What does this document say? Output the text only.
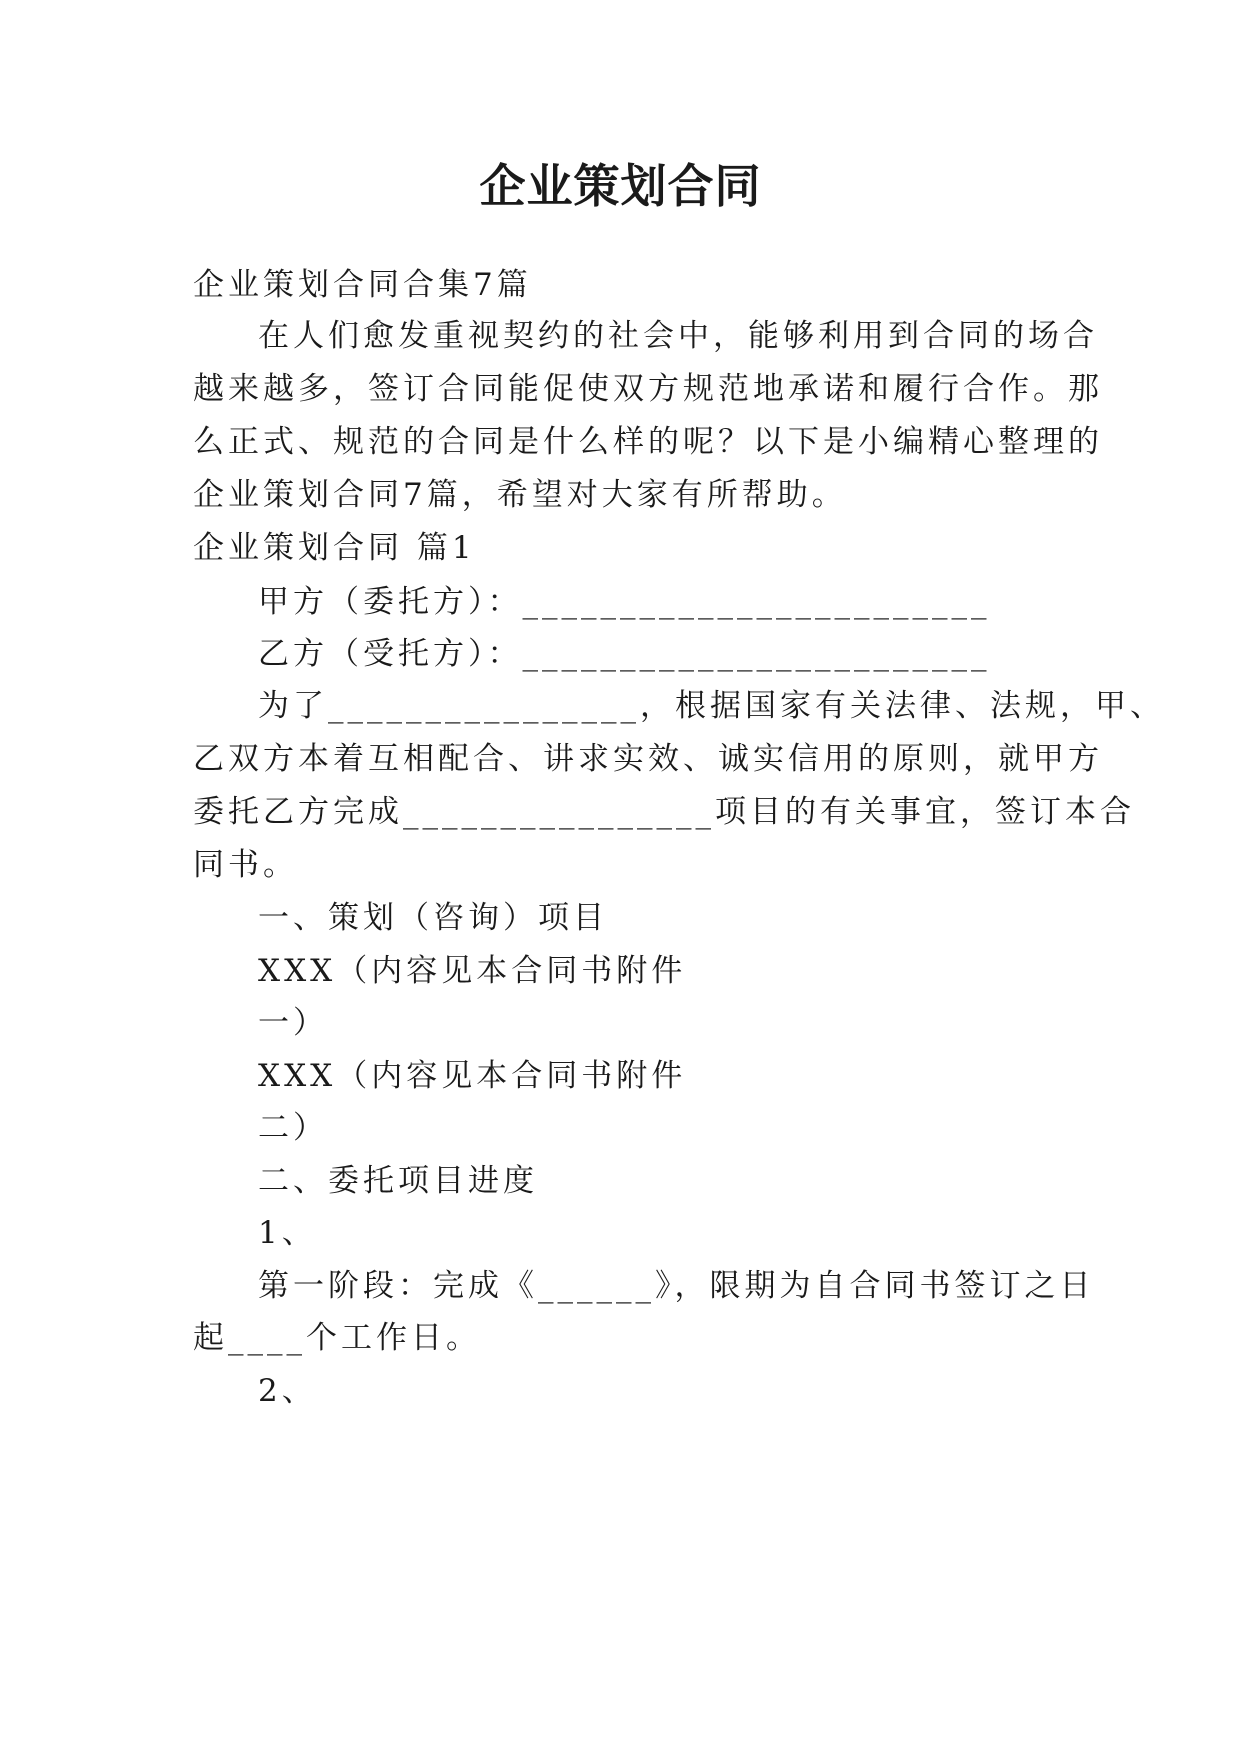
企业策划合同
企业策划合同合集7篇
在人们愈发重视契约的社会中，能够利用到合同的场合
越来越多，签订合同能促使双方规范地承诺和履行合作。那
么正式、规范的合同是什么样的呢？以下是小编精心整理的
企业策划合同7篇，希望对大家有所帮助。
企业策划合同 篇1
甲方（委托方）：________________________
乙方（受托方）：________________________
为了________________，根据国家有关法律、法规，甲、
乙双方本着互相配合、讲求实效、诚实信用的原则，就甲方
委托乙方完成________________项目的有关事宜，签订本合
同书。
一、策划（咨询）项目
XXX（内容见本合同书附件
一）
XXX（内容见本合同书附件
二）
二、委托项目进度
1、
第一阶段：完成《______》，限期为自合同书签订之日
起____个工作日。
2、
